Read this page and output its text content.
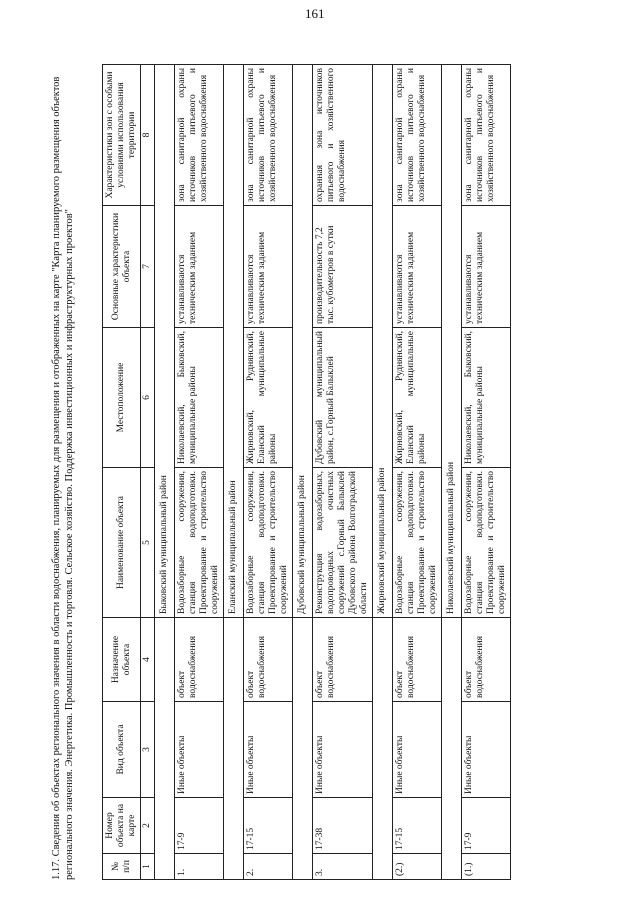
161
1.17. Сведения об объектах регионального значения в области водоснабжения, планируемых для размещения и отображенных на карте "Карта планируемого размещения объектов регионального значения. Энергетика. Промышленность и торговля. Сельское хозяйство. Поддержка инвестиционных и инфраструктурных проектов"	№ п/п	Номер объекта на карте	Вид объекта	Назначение объекта	Наименование объекта	Местоположение	Основные характеристики объекта	Характеристики зон с особыми условиями использования территории
1	2	3	4	5	6	7	8
				Быковский муниципальный район			
1.	17-9	Иные объекты	объект водоснабжения	Водозаборные сооружения, станция водоподготовки. Проектирование и строительство сооружений	Николаевский, Быковский, муниципальные районы	устанавливаются техническим заданием	зона санитарной охраны источников питьевого и хозяйственного водоснабжения
				Еланский муниципальный район			
2.	17-15	Иные объекты	объект водоснабжения	Водозаборные сооружения, станция водоподготовки. Проектирование и строительство сооружений	Жирновский, Руднянский, Еланский муниципальные районы	устанавливаются техническим заданием	зона санитарной охраны источников питьевого и хозяйственного водоснабжения
				Дубовский муниципальный район			
3.	17-38	Иные объекты	объект водоснабжения	Реконструкция водозаборных, водопроводных очистных сооружений с.Горный Балыклей Дубовского района Волгоградской области	Дубовский муниципальный район, с.Горный Балыклей	производительность 7,2 тыс. кубометров в сутки	охранная зона источников питьевого и хозяйственного водоснабжения
				Жирновский муниципальный район			
(2.)	17-15	Иные объекты	объект водоснабжения	Водозаборные сооружения, станция водоподготовки. Проектирование и строительство сооружений	Жирновский, Руднянский, Еланский муниципальные районы	устанавливаются техническим заданием	зона санитарной охраны источников питьевого и хозяйственного водоснабжения
				Николаевский муниципальный район			
(1.)	17-9	Иные объекты	объект водоснабжения	Водозаборные сооружения, станция водоподготовки. Проектирование и строительство сооружений	Николаевский, Быковский, муниципальные районы	устанавливаются техническим заданием	зона санитарной охраны источников питьевого и хозяйственного водоснабжения
